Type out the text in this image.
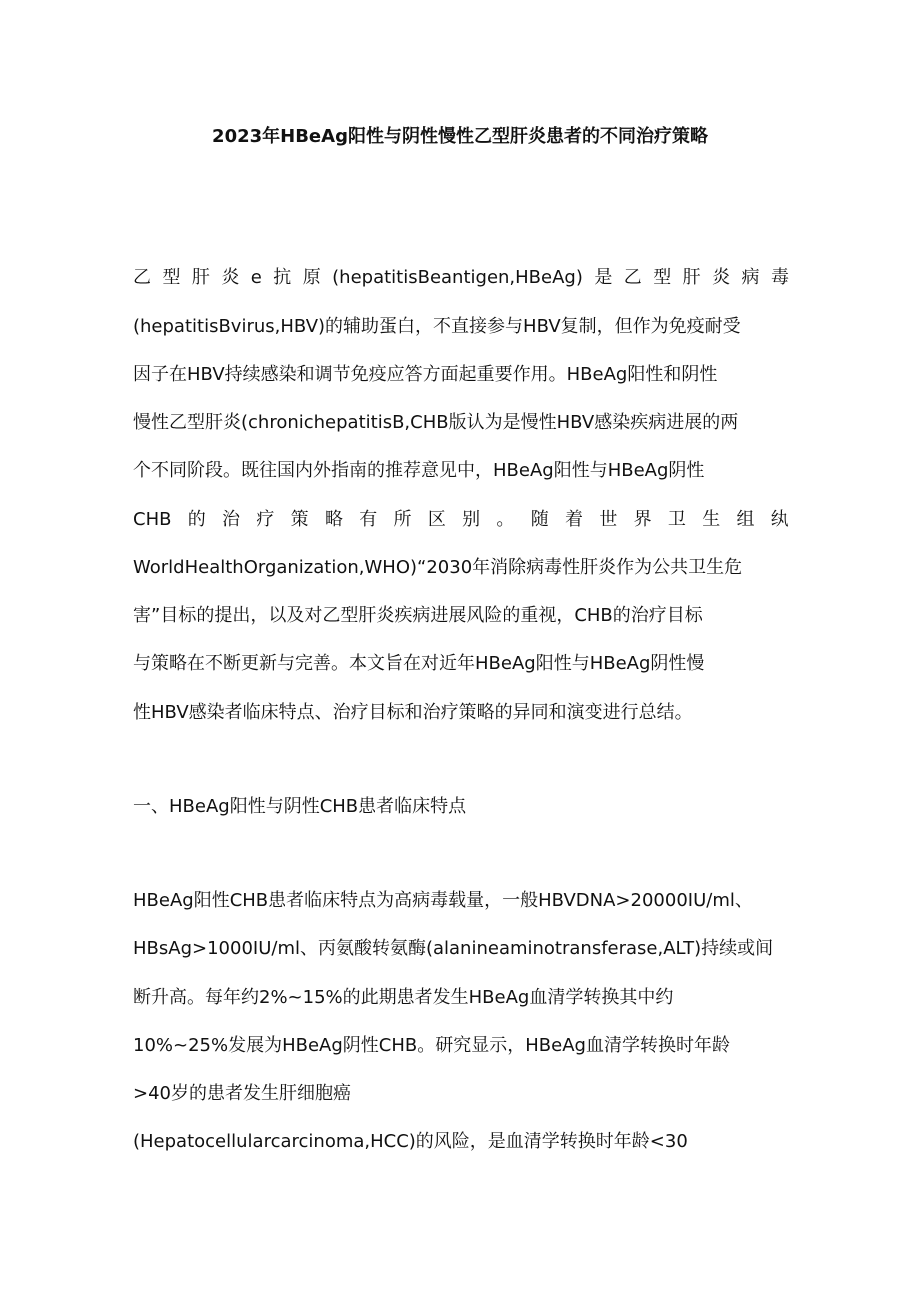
2023年HBeAg阳性与阴性慢性乙型肝炎患者的不同治疗策略
乙 型 肝 炎 e 抗 原 (hepatitisBeantigen,HBeAg) 是 乙 型 肝 炎 病 毒
(hepatitisBvirus,HBV)的辅助蛋白，不直接参与HBV复制，但作为免疫耐受
因子在HBV持续感染和调节免疫应答方面起重要作用。HBeAg阳性和阴性
慢性乙型肝炎(chronichepatitisB,CHB版认为是慢性HBV感染疾病进展的两
个不同阶段。既往国内外指南的推荐意见中，HBeAg阳性与HBeAg阴性
CHB 的 治 疗 策 略 有 所 区 别 。 随 着 世 界 卫 生 组 纨
WorldHealthOrganization,WHO)“2030年消除病毒性肝炎作为公共卫生危
害”目标的提出，以及对乙型肝炎疾病进展风险的重视，CHB的治疗目标
与策略在不断更新与完善。本文旨在对近年HBeAg阳性与HBeAg阴性慢
性HBV感染者临床特点、治疗目标和治疗策略的异同和演变进行总结。
一、HBeAg阳性与阴性CHB患者临床特点
HBeAg阳性CHB患者临床特点为高病毒载量，一般HBVDNA>20000IU∕ml、
HBsAg>1000IU∕ml、丙氨酸转氨酶(alanineaminotransferase,ALT)持续或间
断升高。每年约2%~15%的此期患者发生HBeAg血清学转换其中约
10%~25%发展为HBeAg阴性CHB。研究显示，HBeAg血清学转换时年龄
>40岁的患者发生肝细胞癌
(Hepatocellularcarcinoma,HCC)的风险，是血清学转换时年龄<30
